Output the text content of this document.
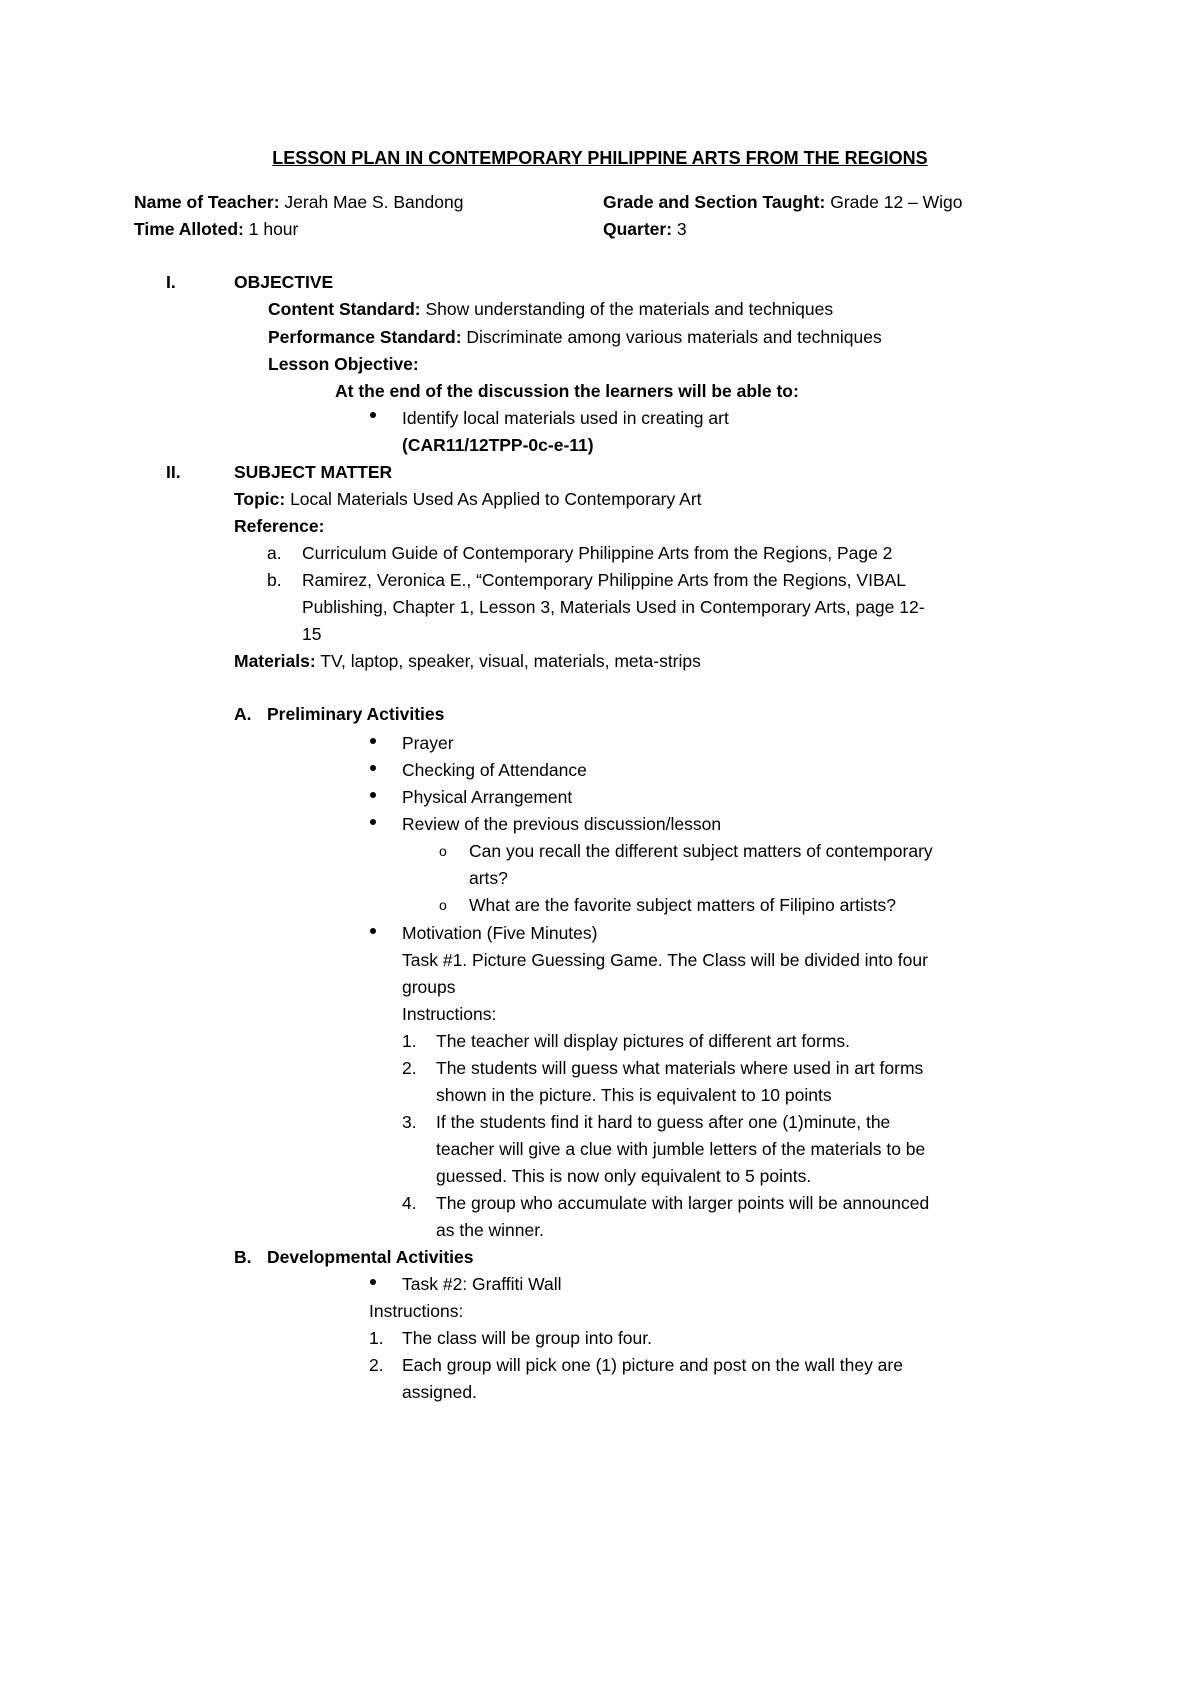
LESSON PLAN IN CONTEMPORARY PHILIPPINE ARTS FROM THE REGIONS
Name of Teacher: Jerah Mae S. Bandong	Grade and Section Taught: Grade 12 – Wigo
Time Alloted: 1 hour	Quarter: 3
I.	OBJECTIVE
Content Standard: Show understanding of the materials and techniques
Performance Standard: Discriminate among various materials and techniques
Lesson Objective:
At the end of the discussion the learners will be able to:
Identify local materials used in creating art
(CAR11/12TPP-0c-e-11)
II.	SUBJECT MATTER
Topic: Local Materials Used As Applied to Contemporary Art
Reference:
a. Curriculum Guide of Contemporary Philippine Arts from the Regions, Page 2
b. Ramirez, Veronica E., “Contemporary Philippine Arts from the Regions, VIBAL
Publishing, Chapter 1, Lesson 3, Materials Used in Contemporary Arts, page 12-
15
Materials: TV, laptop, speaker, visual, materials, meta-strips
A. Preliminary Activities
Prayer
Checking of Attendance
Physical Arrangement
Review of the previous discussion/lesson
o Can you recall the different subject matters of contemporary
arts?
o What are the favorite subject matters of Filipino artists?
Motivation (Five Minutes)
Task #1. Picture Guessing Game. The Class will be divided into four
groups
Instructions:
1. The teacher will display pictures of different art forms.
2. The students will guess what materials where used in art forms
shown in the picture. This is equivalent to 10 points
3. If the students find it hard to guess after one (1)minute, the
teacher will give a clue with jumble letters of the materials to be
guessed. This is now only equivalent to 5 points.
4. The group who accumulate with larger points will be announced
as the winner.
B. Developmental Activities
Task #2: Graffiti Wall
Instructions:
1. The class will be group into four.
2. Each group will pick one (1) picture and post on the wall they are
assigned.
